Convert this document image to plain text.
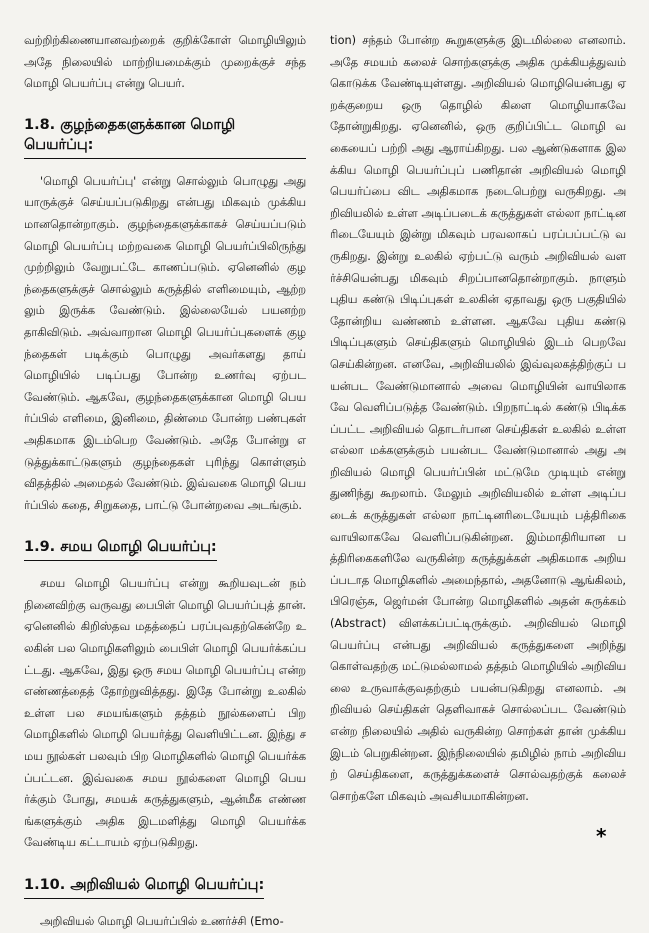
வற்றிற்கிணையானவற்றைக் குறிக்கோள் மொழியிலும் அதே நிலையில் மாற்றியமைக்கும் முறைக்குச் சந்த மொழி பெயர்ப்பு என்று பெயர்.

1.8. குழந்தைகளுக்கான மொழி பெயர்ப்பு:

'மொழி பெயர்ப்பு' என்று சொல்லும் பொழுது அது யாருக்குச் செய்யப்படுகிறது என்பது மிகவும் முக்கிய மானதொன்றாகும். குழந்தைகளுக்காகச் செய்யப்படும் மொழி பெயர்ப்பு மற்றவகை மொழி பெயர்ப்பிலிருந்து முற்றிலும் வேறுபட்டே காணப்படும். ஏனெனில் குழந்தைகளுக்குச் சொல்லும் கருத்தில் எளிமையும், ஆற்றலும் இருக்க வேண்டும். இல்லையேல் பயனற்றதாகிவிடும். அவ்வாறான மொழி பெயர்ப்புகளைக் குழந்தைகள் படிக்கும் பொழுது அவர்களது தாய் மொழியில் படிப்பது போன்ற உணர்வு ஏற்பட வேண்டும். ஆகவே, குழந்தைகளுக்கான மொழி பெயர்ப்பில் எளிமை, இனிமை, திண்மை போன்ற பண்புகள் அதிகமாக இடம்பெற வேண்டும். அதே போன்று எடுத்துக்காட்டுகளும் குழந்தைகள் புரிந்து கொள்ளும் விதத்தில் அமைதல் வேண்டும். இவ்வகை மொழி பெயர்ப்பில் கதை, சிறுகதை, பாட்டு போன்றவை அடங்கும்.

1.9. சமய மொழி பெயர்ப்பு:

சமய மொழி பெயர்ப்பு என்று கூறியவுடன் நம் நினைவிற்கு வருவது பைபிள் மொழி பெயர்ப்புத் தான். ஏனெனில் கிறிஸ்தவ மதத்தைப் பரப்புவதற்கென்றே உலகின் பல மொழிகளிலும் பைபிள் மொழி பெயர்க்கப்பட்டது. ஆகவே, இது ஒரு சமய மொழி பெயர்ப்பு என்ற எண்ணத்தைத் தோற்றுவித்தது. இதே போன்று உலகில் உள்ள பல சமயங்களும் தத்தம் நூல்களைப் பிற மொழிகளில் மொழி பெயர்த்து வெளியிட்டன. இந்து சமய நூல்கள் பலவும் பிற மொழிகளில் மொழி பெயர்க்கப்பட்டன. இவ்வகை சமய நூல்களை மொழி பெயர்க்கும் போது, சமயக் கருத்துகளும், ஆன்மீக எண்ணங்களுக்கும் அதிக இடமளித்து மொழி பெயர்க்க வேண்டிய கட்டாயம் ஏற்படுகிறது.

1.10. அறிவியல் மொழி பெயர்ப்பு:

அறிவியல் மொழி பெயர்ப்பில் உணர்ச்சி (Emo-

tion) சந்தம் போன்ற கூறுகளுக்கு இடமில்லை எனலாம். அதே சமயம் கலைச் சொற்களுக்கு அதிக முக்கியத்துவம் கொடுக்க வேண்டியுள்ளது. அறிவியல் மொழியென்பது ஏறக்குறைய ஒரு தொழில் கிளை மொழியாகவே தோன்றுகிறது. ஏனெனில், ஒரு குறிப்பிட்ட மொழி வகையைப் பற்றி அது ஆராய்கிறது. பல ஆண்டுகளாக இலக்கிய மொழி பெயர்ப்புப் பணிதான் அறிவியல் மொழி பெயர்ப்பை விட அதிகமாக நடைபெற்று வருகிறது. அறிவியலில் உள்ள அடிப்படைக் கருத்துகள் எல்லா நாட்டினரிடையேயும் இன்று மிகவும் பரவலாகப் பரப்பப்பட்டு வருகிறது. இன்று உலகில் ஏற்பட்டு வரும் அறிவியல் வளர்ச்சியென்பது மிகவும் சிறப்பானதொன்றாகும். நாளும் புதிய கண்டு பிடிப்புகள் உலகின் ஏதாவது ஒரு பகுதியில் தோன்றிய வண்ணம் உள்ளன. ஆகவே புதிய கண்டு பிடிப்புகளும் செய்திகளும் மொழியில் இடம் பெறவே செய்கின்றன. எனவே, அறிவியலில் இவ்வுலகத்திற்குப் பயன்பட வேண்டுமானால் அவை மொழியின் வாயிலாகவே வெளிப்படுத்த வேண்டும். பிறநாட்டில் கண்டு பிடிக்கப்பட்ட அறிவியல் தொடர்பான செய்திகள் உலகில் உள்ள எல்லா மக்களுக்கும் பயன்பட வேண்டுமானால் அது அறிவியல் மொழி பெயர்ப்பின் மட்டுமே முடியும் என்று துணிந்து கூறலாம். மேலும் அறிவியலில் உள்ள அடிப்படைக் கருத்துகள் எல்லா நாட்டினரிடையேயும் பத்திரிகை வாயிலாகவே வெளிப்படுகின்றன. இம்மாதிரியான பத்திரிகைகளிலே வருகின்ற கருத்துக்கள் அதிகமாக அறியப்படாத மொழிகளில் அமைந்தால், அதனோடு ஆங்கிலம், பிரெஞ்சு, ஜெர்மன் போன்ற மொழிகளில் அதன் சுருக்கம் (Abstract) விளக்கப்பட்டிருக்கும். அறிவியல் மொழி பெயர்ப்பு என்பது அறிவியல் கருத்துகளை அறிந்து கொள்வதற்கு மட்டுமல்லாமல் தத்தம் மொழியில் அறிவியலை உருவாக்குவதற்கும் பயன்படுகிறது எனலாம். அறிவியல் செய்திகள் தெளிவாகச் சொல்லப்பட வேண்டும் என்ற நிலையில் அதில் வருகின்ற சொற்கள் தான் முக்கிய இடம் பெறுகின்றன. இந்நிலையில் தமிழில் நாம் அறிவியற் செய்திகளை, கருத்துக்களைச் சொல்வதற்குக் கலைச் சொற்களே மிகவும் அவசியமாகின்றன.

*
